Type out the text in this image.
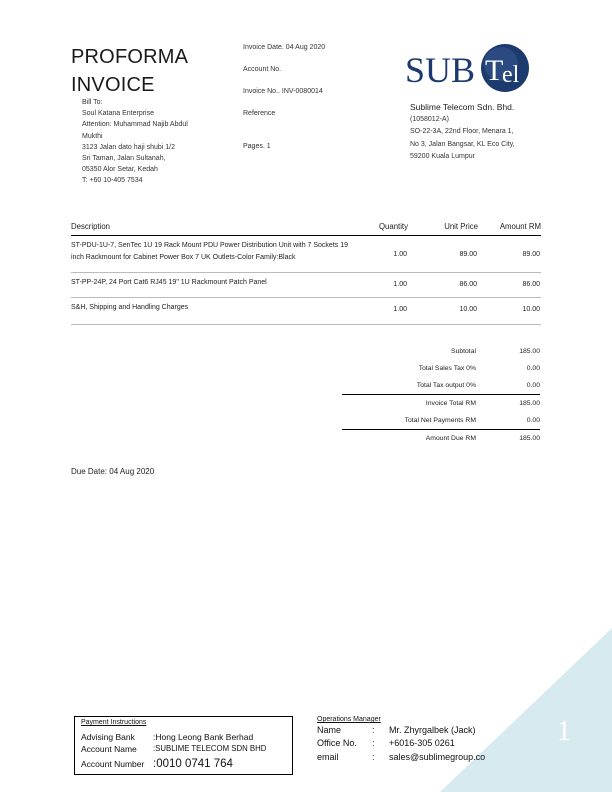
1
PROFORMA
INVOICE
Bill To:
Soul Katana Enterprise
Attention: Muhammad Najib Abdul
Mukthi
3123 Jalan dato haji shubi 1/2
Sri Taman, Jalan Sultanah,
05350 Alor Setar, Kedah
T: +60 10-405 7534
Invoice Date. 04 Aug 2020
Account No.
Invoice No.. INV-0080014
Reference
Pages. 1
SUB T
el
Sublime Telecom Sdn. Bhd.
(1058012-A)
SO-22-3A, 22nd Floor, Menara 1,
No 3, Jalan Bangsar, KL Eco City,
59200 Kuala Lumpur
Description	Quantity	Unit Price	Amount RM
ST-PDU-1U-7, SenTec 1U 19 Rack Mount PDU Power Distribution Unit with 7 Sockets 19 inch Rackmount for Cabinet Power Box 7 UK Outlets-Color Family:Black	1.00	89.00	89.00
ST-PP-24P, 24 Port Cat6 RJ45 19" 1U Rackmount Patch Panel	1.00	86.00	86.00
S&H, Shipping and Handling Charges	1.00	10.00	10.00
Subtotal	185.00
Total Sales Tax 0%	0.00
Total Tax output 0%	0.00
Invoice Total RM	185.00
Total Net Payments RM	0.00
Amount Due RM	185.00
Due Date: 04 Aug 2020
Payment Instructions
Advising Bank	:Hong Leong Bank Berhad
Account Name	:SUBLIME TELECOM SDN BHD
Account Number :0010 0741 764
Operations Manager
Name	:	Mr. Zhyrgalbek (Jack)
Office No.	:	+6016-305 0261
email	:	sales@sublimegroup.co
